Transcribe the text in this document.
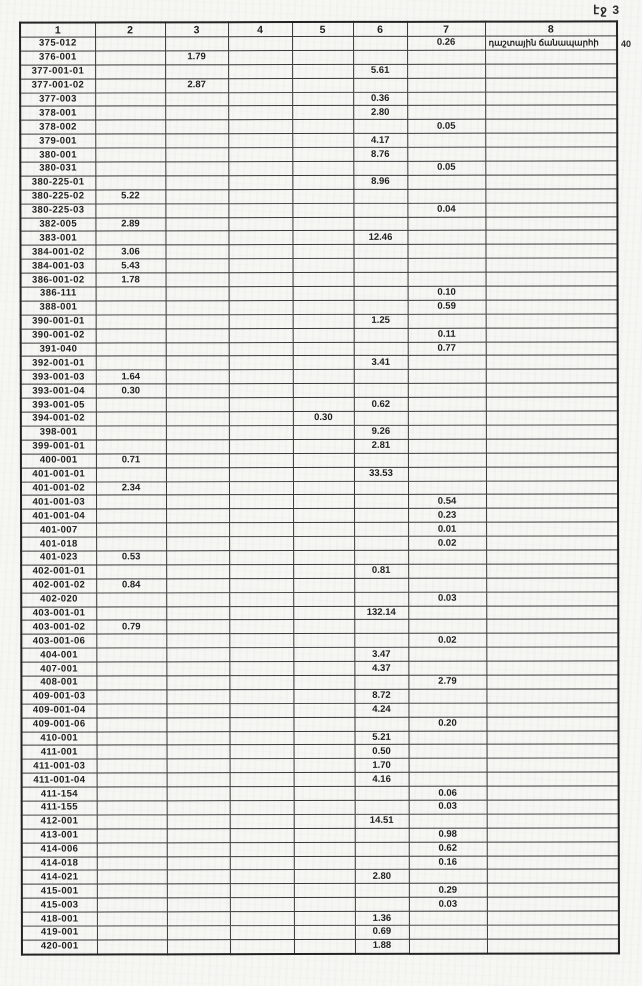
էջ 3
1	2	3	4	5	6	7	8
375-012						0.26	դաշտային ճանապարհի
376-001		1.79					
377-001-01					5.61		
377-001-02		2.87					
377-003					0.36		
378-001					2.80		
378-002						0.05	
379-001					4.17		
380-001					8.76		
380-031						0.05	
380-225-01					8.96		
380-225-02	5.22						
380-225-03						0.04	
382-005	2.89						
383-001					12.46		
384-001-02	3.06						
384-001-03	5.43						
386-001-02	1.78						
386-111						0.10	
388-001						0.59	
390-001-01					1.25		
390-001-02						0.11	
391-040						0.77	
392-001-01					3.41		
393-001-03	1.64						
393-001-04	0.30						
393-001-05					0.62		
394-001-02				0.30			
398-001					9.26		
399-001-01					2.81		
400-001	0.71						
401-001-01					33.53		
401-001-02	2.34						
401-001-03						0.54	
401-001-04						0.23	
401-007						0.01	
401-018						0.02	
401-023	0.53						
402-001-01					0.81		
402-001-02	0.84						
402-020						0.03	
403-001-01					132.14		
403-001-02	0.79						
403-001-06						0.02	
404-001					3.47		
407-001					4.37		
408-001						2.79	
409-001-03					8.72		
409-001-04					4.24		
409-001-06						0.20	
410-001					5.21		
411-001					0.50		
411-001-03					1.70		
411-001-04					4.16		
411-154						0.06	
411-155						0.03	
412-001					14.51		
413-001						0.98	
414-006						0.62	
414-018						0.16	
414-021					2.80		
415-001						0.29	
415-003						0.03	
418-001					1.36		
419-001					0.69		
420-001					1.88		
40
